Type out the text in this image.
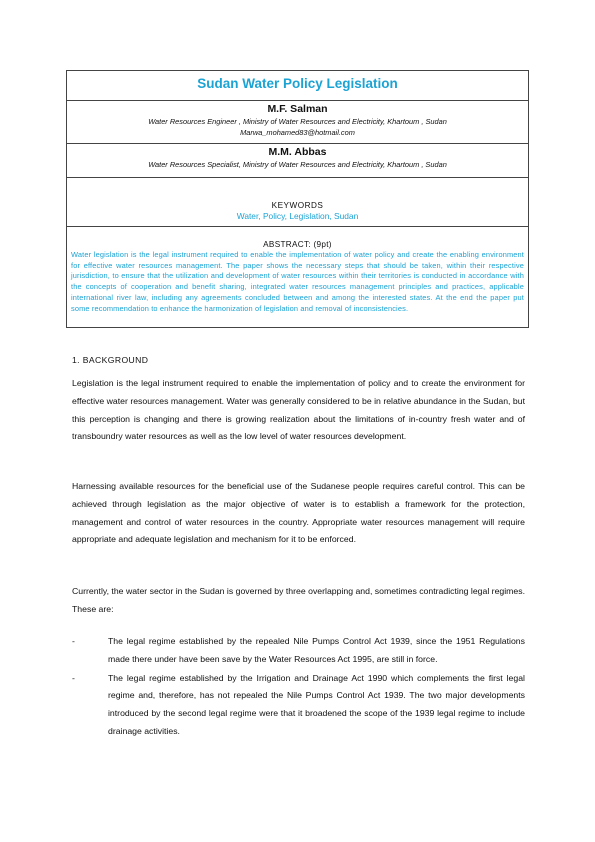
Sudan Water Policy Legislation

M.F. Salman
Water Resources Engineer , Ministry of Water Resources and Electricity, Khartoum , Sudan
Marwa_mohamed83@hotmail.com

M.M. Abbas
Water Resources Specialist, Ministry of Water Resources and Electricity, Khartoum , Sudan

KEYWORDS
Water, Policy, Legislation, Sudan

ABSTRACT: (9pt)
Water legislation is the legal instrument required to enable the implementation of water policy and create the enabling environment for effective water resources management. The paper shows the necessary steps that should be taken, within their respective jurisdiction, to ensure that the utilization and development of water resources within their territories is conducted in accordance with the concepts of cooperation and benefit sharing, integrated water resources management principles and practices, applicable international river law, including any agreements concluded between and among the interested states. At the end the paper put some recommendation to enhance the harmonization of legislation and removal of inconsistencies.
1. BACKGROUND

Legislation is the legal instrument required to enable the implementation of policy and to create the environment for effective water resources management. Water was generally considered to be in relative abundance in the Sudan, but this perception is changing and there is growing realization about the limitations of in-country fresh water and of transboundry water resources as well as the low level of water resources development.

Harnessing available resources for the beneficial use of the Sudanese people requires careful control. This can be achieved through legislation as the major objective of water is to establish a framework for the protection, management and control of water resources in the country. Appropriate water resources management will require appropriate and adequate legislation and mechanism for it to be enforced.

Currently, the water sector in the Sudan is governed by three overlapping and, sometimes contradicting legal regimes. These are:

-	The legal regime established by the repealed Nile Pumps Control Act 1939, since the 1951 Regulations made there under have been save by the Water Resources Act 1995, are still in force.
-	The legal regime established by the Irrigation and Drainage Act 1990 which complements the first legal regime and, therefore, has not repealed the Nile Pumps Control Act 1939. The two major developments introduced by the second legal regime were that it broadened the scope of the 1939 legal regime to include drainage activities.
